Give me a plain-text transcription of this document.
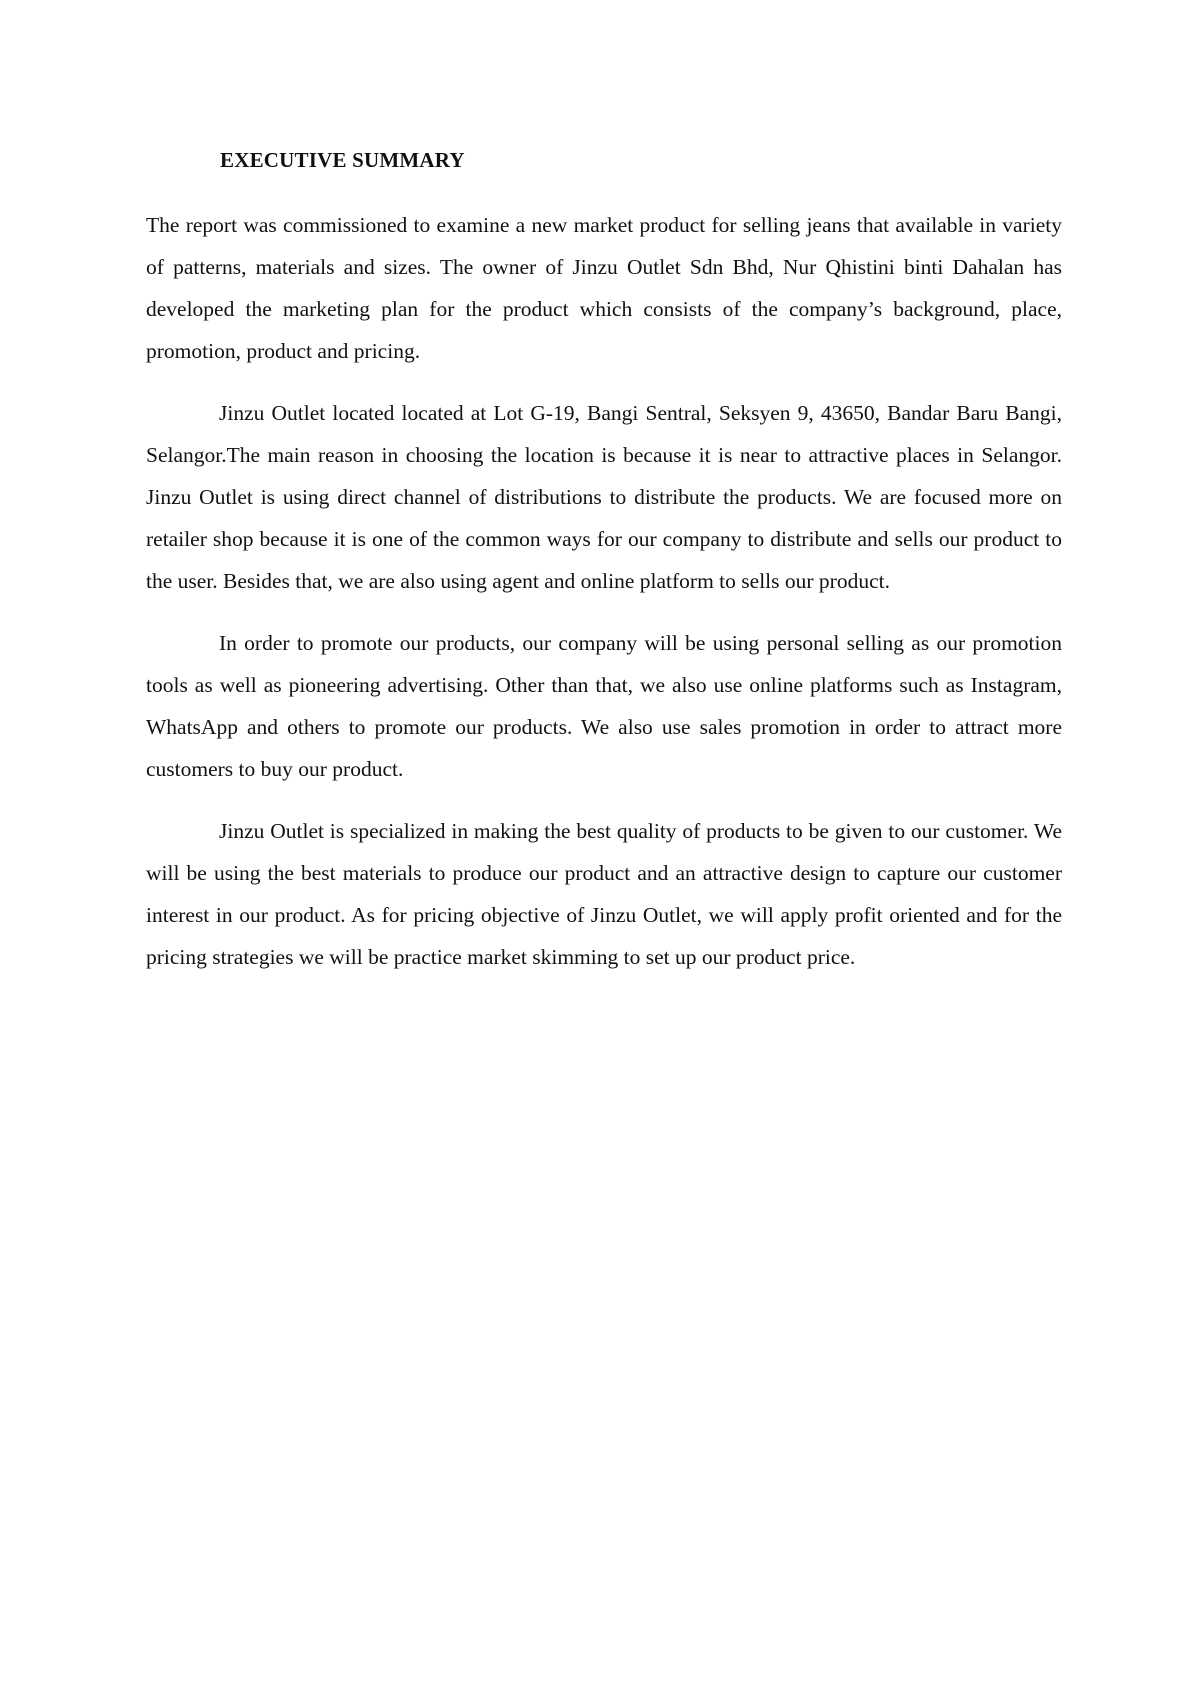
EXECUTIVE SUMMARY

The report was commissioned to examine a new market product for selling jeans that available in variety of patterns, materials and sizes. The owner of Jinzu Outlet Sdn Bhd, Nur Qhistini binti Dahalan has developed the marketing plan for the product which consists of the company’s background, place, promotion, product and pricing.

Jinzu Outlet located located at Lot G-19, Bangi Sentral, Seksyen 9, 43650, Bandar Baru Bangi, Selangor.The main reason in choosing the location is because it is near to attractive places in Selangor. Jinzu Outlet is using direct channel of distributions to distribute the products. We are focused more on retailer shop because it is one of the common ways for our company to distribute and sells our product to the user. Besides that, we are also using agent and online platform to sells our product.

In order to promote our products, our company will be using personal selling as our promotion tools as well as pioneering advertising. Other than that, we also use online platforms such as Instagram, WhatsApp and others to promote our products. We also use sales promotion in order to attract more customers to buy our product.

Jinzu Outlet is specialized in making the best quality of products to be given to our customer. We will be using the best materials to produce our product and an attractive design to capture our customer interest in our product. As for pricing objective of Jinzu Outlet, we will apply profit oriented and for the pricing strategies we will be practice market skimming to set up our product price.
